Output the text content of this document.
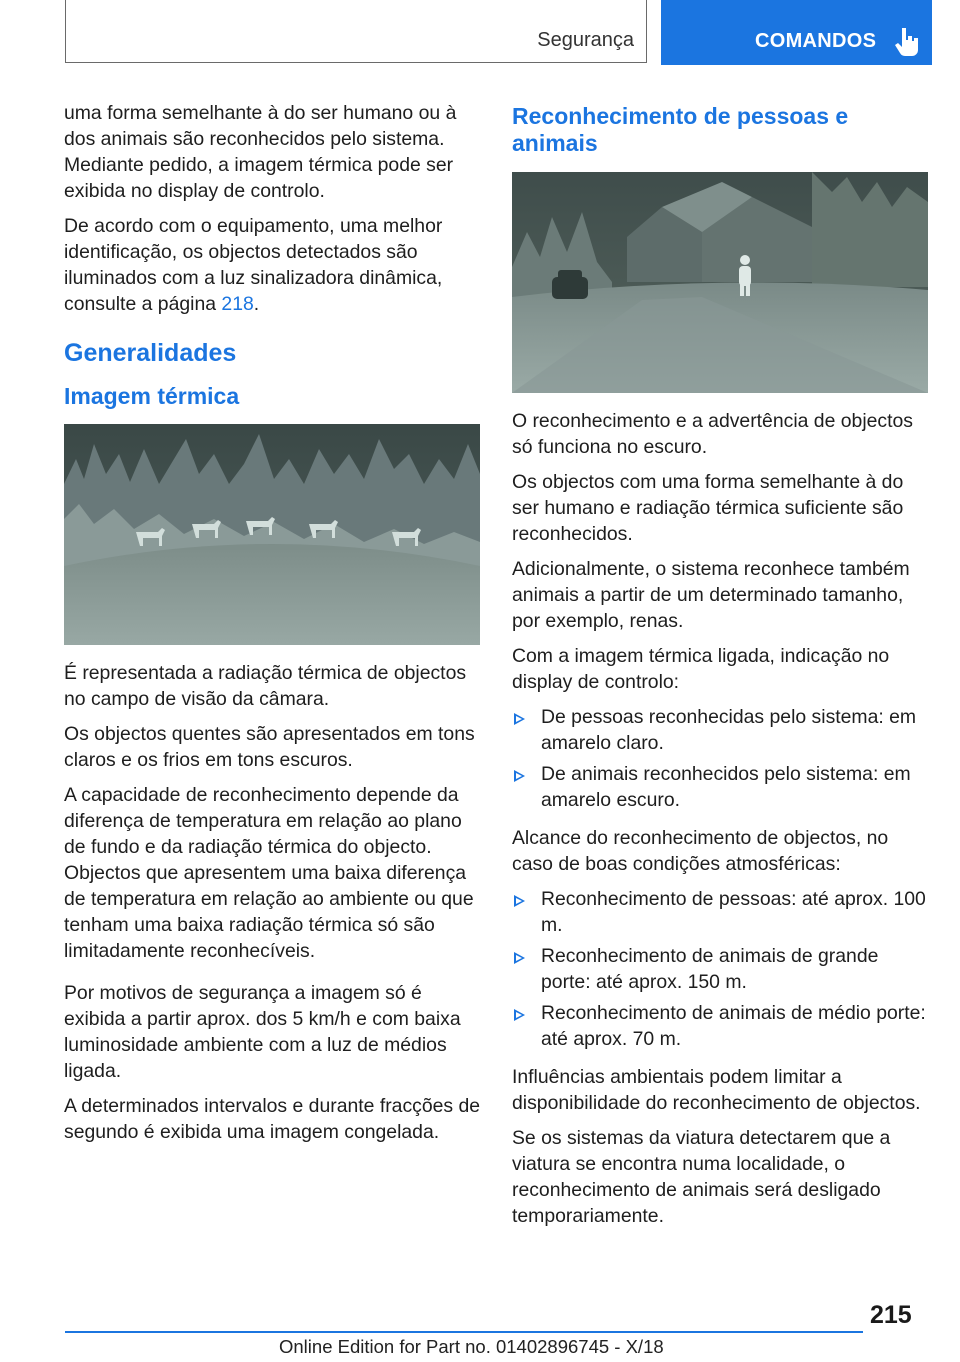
Segurança	COMANDOS

uma forma semelhante à do ser humano ou à dos animais são reconhecidos pelo sistema. Mediante pedido, a imagem térmica pode ser exibida no display de controlo.

De acordo com o equipamento, uma melhor identificação, os objectos detectados são iluminados com a luz sinalizadora dinâmica, consulte a página 218.

Generalidades
Imagem térmica

É representada a radiação térmica de objectos no campo de visão da câmara.

Os objectos quentes são apresentados em tons claros e os frios em tons escuros.

A capacidade de reconhecimento depende da diferença de temperatura em relação ao plano de fundo e da radiação térmica do objecto. Objectos que apresentem uma baixa diferença de temperatura em relação ao ambiente ou que tenham uma baixa radiação térmica só são limitadamente reconhecíveis.

Por motivos de segurança a imagem só é exibida a partir aprox. dos 5 km/h e com baixa luminosidade ambiente com a luz de médios ligada.

A determinados intervalos e durante fracções de segundo é exibida uma imagem congelada.

Reconhecimento de pessoas e animais

O reconhecimento e a advertência de objectos só funciona no escuro.

Os objectos com uma forma semelhante à do ser humano e radiação térmica suficiente são reconhecidos.

Adicionalmente, o sistema reconhece também animais a partir de um determinado tamanho, por exemplo, renas.

Com a imagem térmica ligada, indicação no display de controlo:

De pessoas reconhecidas pelo sistema: em amarelo claro.
De animais reconhecidos pelo sistema: em amarelo escuro.

Alcance do reconhecimento de objectos, no caso de boas condições atmosféricas:

Reconhecimento de pessoas: até aprox. 100 m.
Reconhecimento de animais de grande porte: até aprox. 150 m.
Reconhecimento de animais de médio porte: até aprox. 70 m.

Influências ambientais podem limitar a disponibilidade do reconhecimento de objectos.

Se os sistemas da viatura detectarem que a viatura se encontra numa localidade, o reconhecimento de animais será desligado temporariamente.

215
Online Edition for Part no. 01402896745 - X/18
